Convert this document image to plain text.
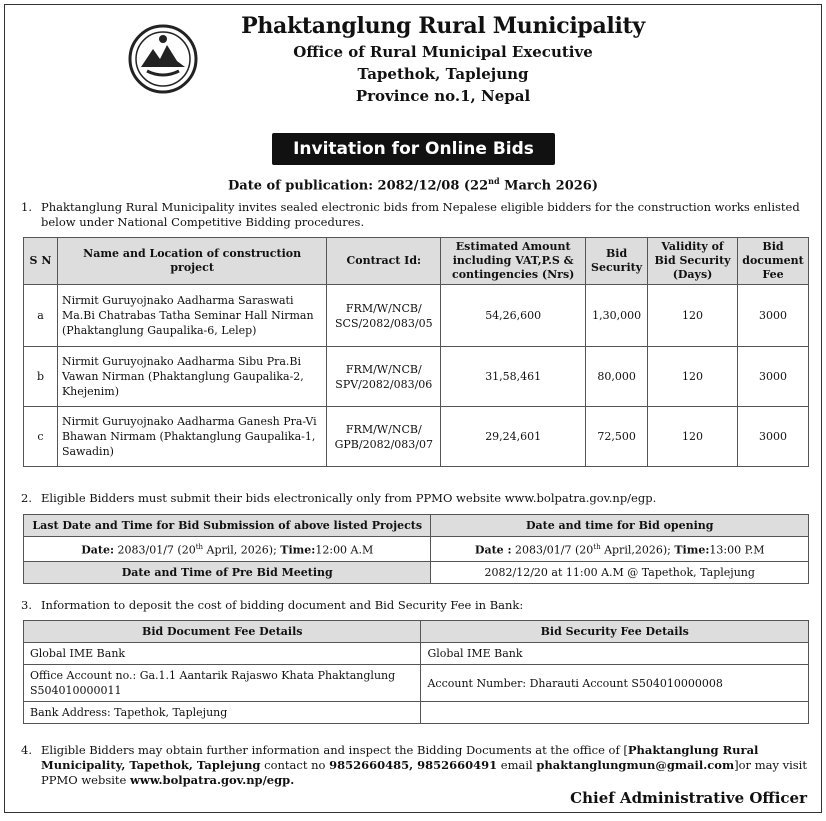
Phaktanglung Rural Municipality
Office of Rural Municipal Executive
Tapethok, Taplejung
Province no.1, Nepal
Invitation for Online Bids
Date of publication: 2082/12/08 (22nd March 2026)
1. Phaktanglung Rural Municipality invites sealed electronic bids from Nepalese eligible bidders for the construction works enlisted below under National Competitive Bidding procedures.
S N	Name and Location of construction project	Contract Id:	Estimated Amount including VAT,P.S & contingencies (Nrs)	Bid Security	Validity of Bid Security (Days)	Bid document Fee
a	Nirmit Guruyojnako Aadharma Saraswati Ma.Bi Chatrabas Tatha Seminar Hall Nirman (Phaktanglung Gaupalika-6, Lelep)	FRM/W/NCB/ SCS/2082/083/05	54,26,600	1,30,000	120	3000
b	Nirmit Guruyojnako Aadharma Sibu Pra.Bi Vawan Nirman (Phaktanglung Gaupalika-2, Khejenim)	FRM/W/NCB/ SPV/2082/083/06	31,58,461	80,000	120	3000
c	Nirmit Guruyojnako Aadharma Ganesh Pra-Vi Bhawan Nirmam (Phaktanglung Gaupalika-1, Sawadin)	FRM/W/NCB/ GPB/2082/083/07	29,24,601	72,500	120	3000
2. Eligible Bidders must submit their bids electronically only from PPMO website www.bolpatra.gov.np/egp.
Last Date and Time for Bid Submission of above listed Projects	Date and time for Bid opening
Date: 2083/01/7 (20th April, 2026); Time:12:00 A.M	Date : 2083/01/7 (20th April,2026); Time:13:00 P.M
Date and Time of Pre Bid Meeting	2082/12/20 at 11:00 A.M @ Tapethok, Taplejung
3. Information to deposit the cost of bidding document and Bid Security Fee in Bank:
Bid Document Fee Details	Bid Security Fee Details
Global IME Bank	Global IME Bank
Office Account no.: Ga.1.1 Aantarik Rajaswo Khata Phaktanglung S504010000011	Account Number: Dharauti Account S504010000008
Bank Address: Tapethok, Taplejung	
4. Eligible Bidders may obtain further information and inspect the Bidding Documents at the office of [Phaktanglung Rural Municipality, Tapethok, Taplejung contact no 9852660485, 9852660491 email phaktanglungmun@gmail.com]or may visit PPMO website www.bolpatra.gov.np/egp.
Chief Administrative Officer
